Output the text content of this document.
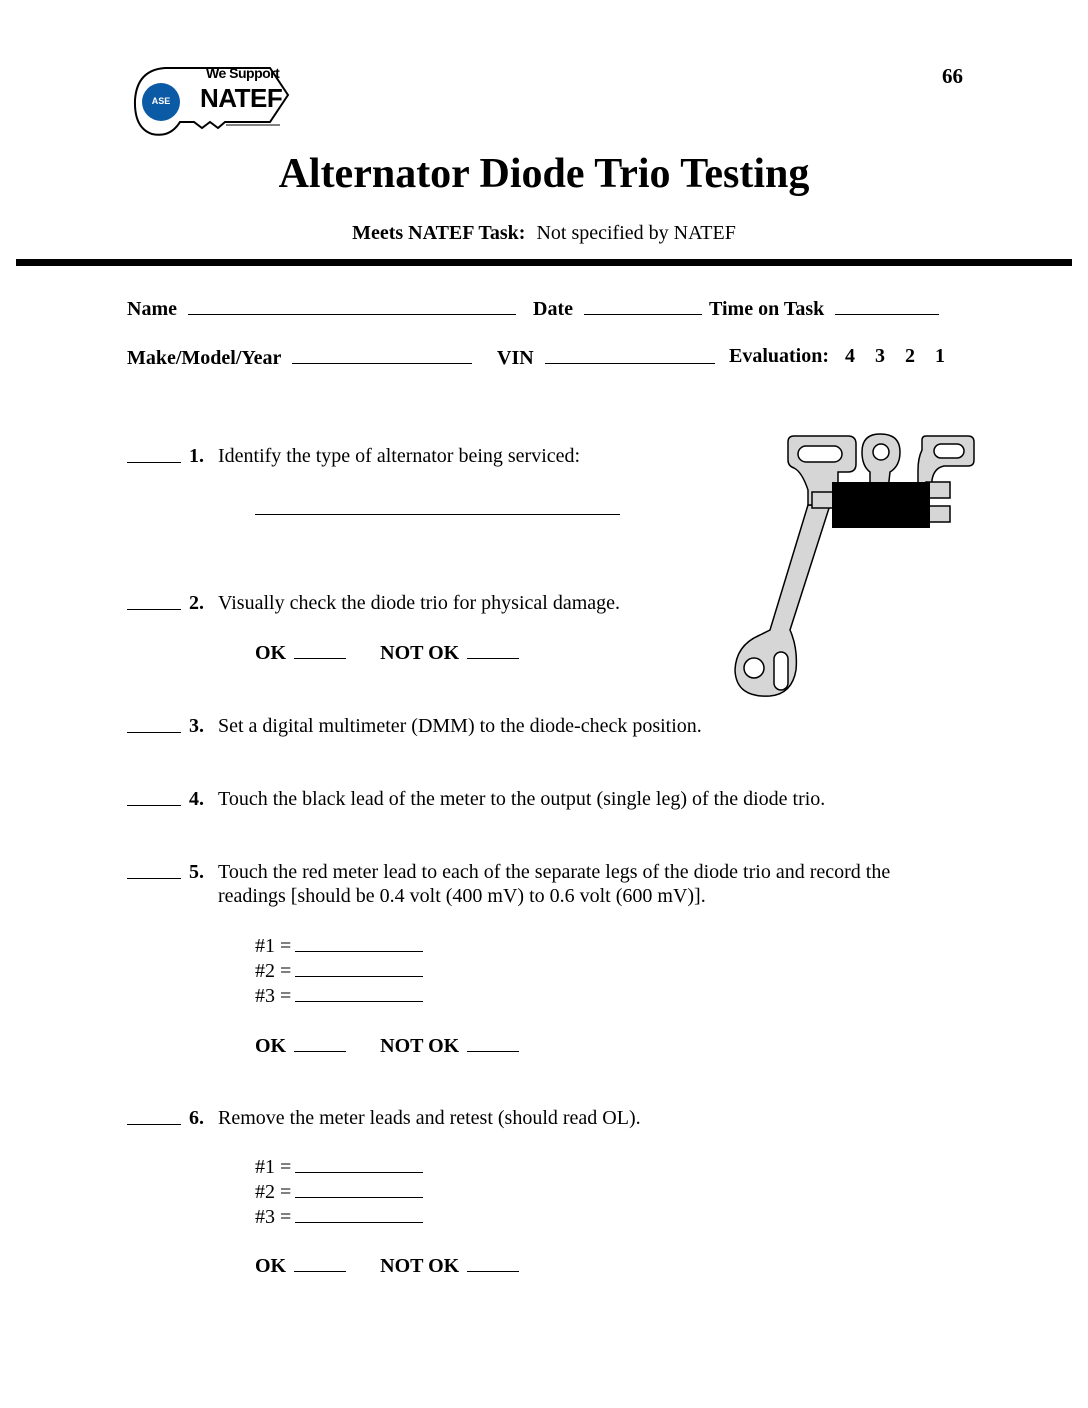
ASE
We Support
NATEF
66
Alternator Diode Trio Testing
Meets NATEF Task: Not specified by NATEF
Name	Date	Time on Task
Make/Model/Year	VIN	Evaluation: 4 3 2 1
1. Identify the type of alternator being serviced:
2. Visually check the diode trio for physical damage.
OK	NOT OK
3. Set a digital multimeter (DMM) to the diode-check position.
4. Touch the black lead of the meter to the output (single leg) of the diode trio.
5. Touch the red meter lead to each of the separate legs of the diode trio and record the readings [should be 0.4 volt (400 mV) to 0.6 volt (600 mV)].
#1 =
#2 =
#3 =
OK	NOT OK
6. Remove the meter leads and retest (should read OL).
#1 =
#2 =
#3 =
OK	NOT OK
